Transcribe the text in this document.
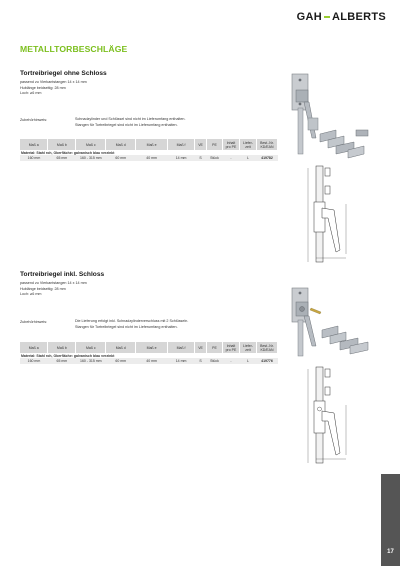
GAH ALBERTS
METALLTORBESCHLÄGE
Tortreibriegel ohne Schloss
passend zu Vierkantstangen 14 x 14 mm
Hublänge beidseitig: 28 mm
Loch: ⌀6 mm
Zubehörhinweis:	Schnadzylinder und Schlüssel sind nicht im Lieferumfang enthalten.
Stangen für Tortreibriegel sind nicht im Lieferumfang enthalten.
Maß a	Maß b	Maß c	Maß d	Maß e	Maß f	VE	PE	Inhalt pro PE	Liefer-zeit	Best.-Nr. KD/EAN
Material: Stahl roh, Oberfläche: galvanisch blau verzinkt										
160 mm	65 mm	160 - 315 mm	60 mm	40 mm	14 mm	S	Stück	-	L	419782
Tortreibriegel inkl. Schloss
passend zu Vierkantstangen 14 x 14 mm
Hublänge beidseitig: 28 mm
Loch: ⌀6 mm
Zubehörhinweis:	Die Lieferung erfolgt inkl. Schnadzylinderverschluss mit 2 Schlüsseln.
Stangen für Tortreibriegel sind nicht im Lieferumfang enthalten.
Maß a	Maß b	Maß c	Maß d	Maß e	Maß f	VE	PE	Inhalt pro PE	Liefer-zeit	Best.-Nr. KD/EAN
Material: Stahl roh, Oberfläche: galvanisch blau verzinkt										
160 mm	65 mm	160 - 315 mm	60 mm	40 mm	14 mm	S	Stück	-	L	419776
17
